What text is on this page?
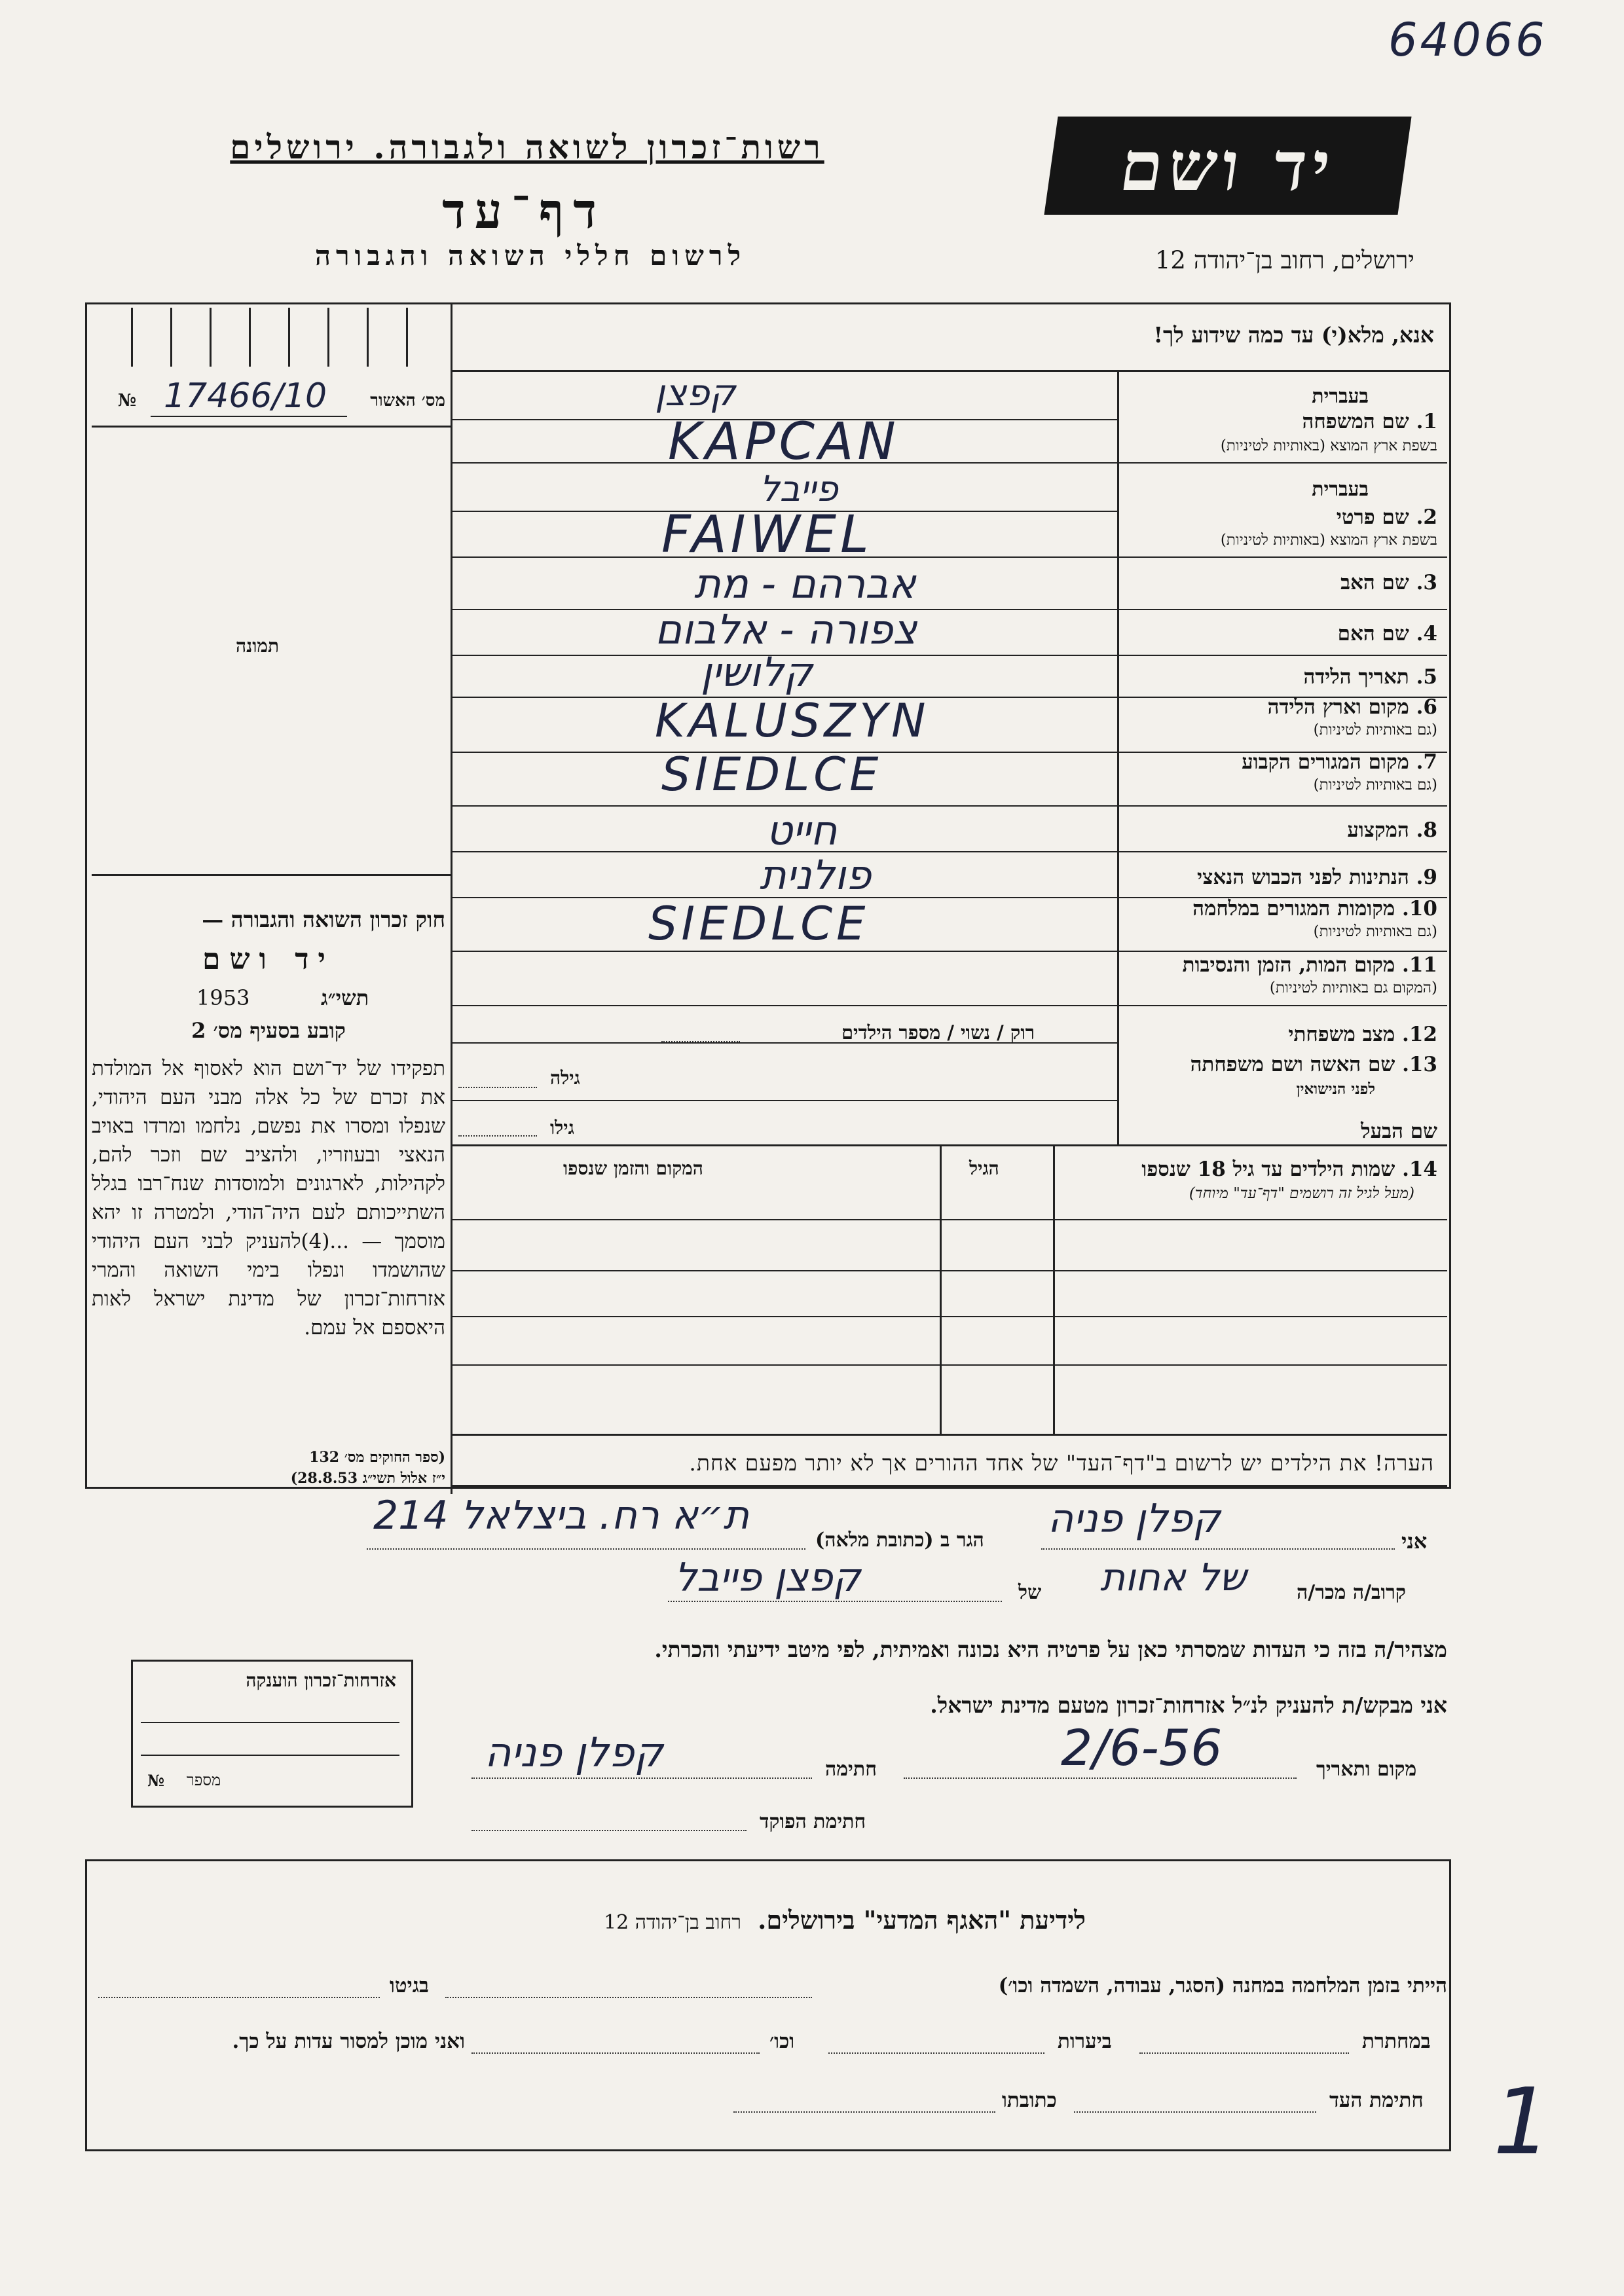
64066
רשות־זכרון לשואה ולגבורה. ירושלים
דף־עד
לרשום חללי השואה והגבורה
יד ושם
ירושלים, רחוב בן־יהודה 12
אנא, מלא(י) עד כמה שידוע לך!
מס׳ האשור
№ 17466/10
תמונה
חוק זכרון השואה והגבורה —
יד ושם
1953	תשי״ג
קובע בסעיף מס׳ 2
תפקידו של יד־ושם הוא לאסוף אל המולדת את זכרם של כל אלה מבני העם היהודי, שנפלו ומסרו את נפשם, נלחמו ומרדו באויב הנאצי ובעוזריו, ולהציב שם וזכר להם, לקהילות, לארגונים ולמוסדות שנח־רבו בגלל השתייכותם לעם היה־הודי, ולמטרה זו יהא מוסמך — ...(4)להעניק לבני העם היהודי שהושמדו ונפלו בימי השואה והמרי אזרחות־זכרון של מדינת ישראל לאות היאספם אל עמם.
(ספר החוקים מס׳ 132
י״ז אלול תשי״ג 28.8.53)
בעברית
1. שם המשפחה
בשפת ארץ המוצא (באותיות לטיניות)
קפצן
KAPCAN
בעברית
2. שם פרטי
בשפת ארץ המוצא (באותיות לטיניות)
פייבל
FAIWEL
3. שם האב
אברהם - מת
4. שם האם
צפורה - אלבום
5. תאריך הלידה
קלושין
6. מקום וארץ הלידה
(גם באותיות לטיניות)
KALUSZYN
7. מקום המגורים הקבוע
(גם באותיות לטיניות)
SIEDLCE
8. המקצוע
חייט
9. הנתינות לפני הכבוש הנאצי
פולנית
10. מקומות המגורים במלחמה
(גם באותיות לטיניות)
SIEDLCE
11. מקום המות, הזמן והנסיבות
(המקום גם באותיות לטיניות)
12. מצב משפחתי
רוק / נשוי / מספר הילדים
13. שם האשה ושם משפחתה
לפני הנישואין
גילה
שם הבעל
גילו
14. שמות הילדים עד גיל 18 שנספו
(מעל לגיל זה רושמים "דף־עד" מיוחד)
הגיל
המקום והזמן שנספו
הערה! את הילדים יש לרשום ב"דף־העד" של אחד ההורים אך לא יותר מפעם אחת.
אני
קפלן פניה
הגר ב (כתובת מלאה)
ת״א רח. ביצלאל 214
קרוב/ה מכר/ה
של אחות
של
קפצן פייבל
מצהיר/ה בזה כי העדות שמסרתי כאן על פרטיה היא נכונה ואמיתית, לפי מיטב ידיעתי והכרתי.
אני מבקש/ת להעניק לנ״ל אזרחות־זכרון מטעם מדינת ישראל.
מקום ותאריך
2/6-56
חתימה
קפלן פניה
חתימת הפוקד
אזרחות־זכרון הוענקה
מספר
№
לידיעת "האגף המדעי" בירושלים. רחוב בן־יהודה 12
הייתי בזמן המלחמה במחנה (הסגר, עבודה, השמדה וכו׳)
בגיטו
במחתרת
ביערות
וכו׳
ואני מוכן למסור עדות על כך.
חתימת העד
כתובתו	1
